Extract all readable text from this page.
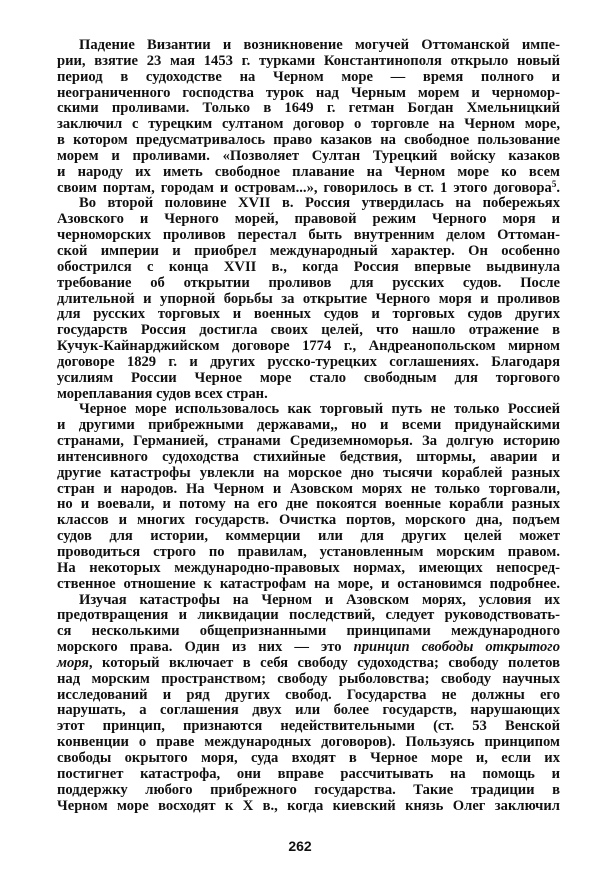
Падение Византии и возникновение могучей Оттоманской импе-
рии, взятие 23 мая 1453 г. турками Константинополя открыло новый
период в судоходстве на Черном море — время полного и
неограниченного господства турок над Черным морем и черномор-
скими проливами. Только в 1649 г. гетман Богдан Хмельницкий
заключил с турецким султаном договор о торговле на Черном море,
в котором предусматривалось право казаков на свободное пользование
морем и проливами. «Позволяет Султан Турецкий войску казаков
и народу их иметь свободное плавание на Черном море ко всем
своим портам, городам и островам...», говорилось в ст. 1 этого договора$^5$.
Во второй половине XVII в. Россия утвердилась на побережьях
Азовского и Черного морей, правовой режим Черного моря и
черноморских проливов перестал быть внутренним делом Оттоман-
ской империи и приобрел международный характер. Он особенно
обострился с конца XVII в., когда Россия впервые выдвинула
требование об открытии проливов для русских судов. После
длительной и упорной борьбы за открытие Черного моря и проливов
для русских торговых и военных судов и торговых судов других
государств Россия достигла своих целей, что нашло отражение в
Кучук-Кайнарджийском договоре 1774 г., Андреанопольском мирном
договоре 1829 г. и других русско-турецких соглашениях. Благодаря
усилиям России Черное море стало свободным для торгового
мореплавания судов всех стран.
Черное море использовалось как торговый путь не только Россией
и другими прибрежными державами,, но и всеми придунайскими
странами, Германией, странами Средиземноморья. За долгую историю
интенсивного судоходства стихийные бедствия, штормы, аварии и
другие катастрофы увлекли на морское дно тысячи кораблей разных
стран и народов. На Черном и Азовском морях не только торговали,
но и воевали, и потому на его дне покоятся военные корабли разных
классов и многих государств. Очистка портов, морского дна, подъем
судов для истории, коммерции или для других целей может
проводиться строго по правилам, установленным морским правом.
На некоторых международно-правовых нормах, имеющих непосред-
ственное отношение к катастрофам на море, и остановимся подробнее.
Изучая катастрофы на Черном и Азовском морях, условия их
предотвращения и ликвидации последствий, следует руководствовать-
ся несколькими общепризнанными принципами международного
морского права. Один из них — это принцип свободы открытого
моря, который включает в себя свободу судоходства; свободу полетов
над морским пространством; свободу рыболовства; свободу научных
исследований и ряд других свобод. Государства не должны его
нарушать, а соглашения двух или более государств, нарушающих
этот принцип, признаются недействительными (ст. 53 Венской
конвенции о праве международных договоров). Пользуясь принципом
свободы окрытого моря, суда входят в Черное море и, если их
постигнет катастрофа, они вправе рассчитывать на помощь и
поддержку любого прибрежного государства. Такие традиции в
Черном море восходят к X в., когда киевский князь Олег заключил
262
